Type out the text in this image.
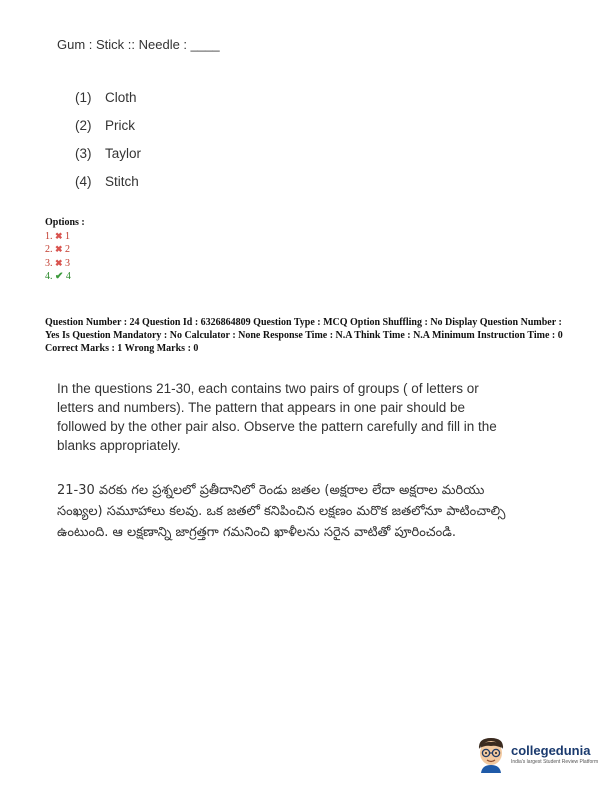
Gum : Stick :: Needle : ____
(1)	Cloth
(2)	Prick
(3)	Taylor
(4)	Stitch
Options :
1. ✖ 1
2. ✖ 2
3. ✖ 3
4. ✔ 4
Question Number : 24 Question Id : 6326864809 Question Type : MCQ Option Shuffling : No Display Question Number : Yes Is Question Mandatory : No Calculator : None Response Time : N.A Think Time : N.A Minimum Instruction Time : 0
Correct Marks : 1 Wrong Marks : 0

In the questions 21-30, each contains two pairs of groups ( of letters or letters and numbers). The pattern that appears in one pair should be followed by the other pair also. Observe the pattern carefully and fill in the blanks appropriately.

21-30 వరకు గల ప్రశ్నలలో ప్రతీదానిలో రెండు జతల (అక్షరాల లేదా అక్షరాల మరియు సంఖ్యల) సమూహాలు కలవు. ఒక జతలో కనిపించిన లక్షణం మరొక జతలోనూ పాటించాల్సి ఉంటుంది. ఆ లక్షణాన్ని జాగ్రత్తగా గమనించి ఖాళీలను సరైన వాటితో పూరించండి.

collegedunia
India's largest Student Review Platform
